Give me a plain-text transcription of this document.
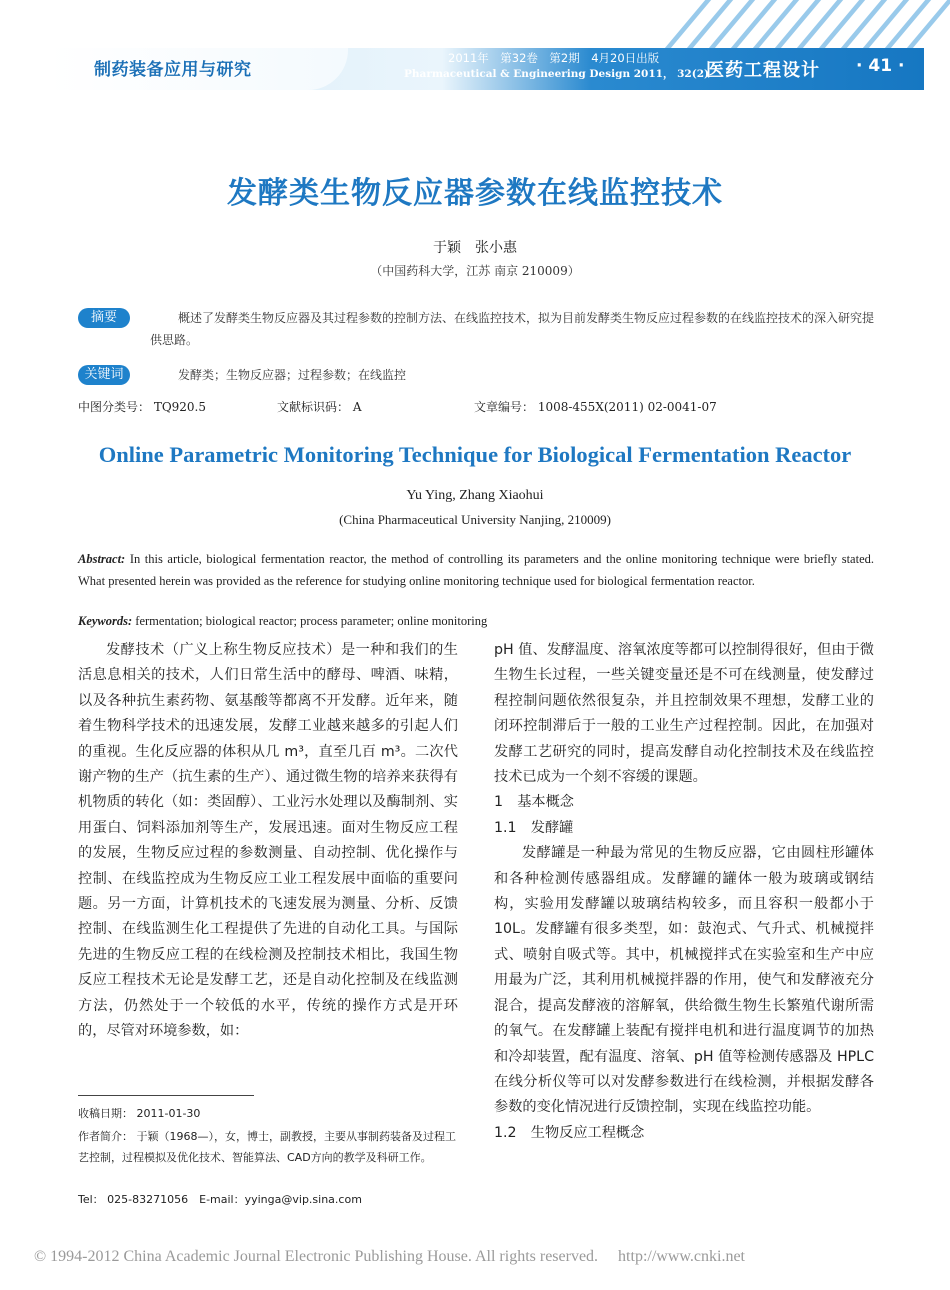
制药装备应用与研究
2011年　第32卷　第2期　4月20日出版
Pharmaceutical & Engineering Design 2011， 32(2)
医药工程设计 · 41 ·
发酵类生物反应器参数在线监控技术
于颖　张小惠
（中国药科大学，江苏 南京 210009）
摘要	概述了发酵类生物反应器及其过程参数的控制方法、在线监控技术，拟为目前发酵类生物反应过程参数的在线监控技术的深入研究提供思路。
关键词	发酵类；生物反应器；过程参数；在线监控
中图分类号： TQ920.5	文献标识码： A	文章编号： 1008-455X(2011) 02-0041-07
Online Parametric Monitoring Technique for Biological Fermentation Reactor
Yu Ying, Zhang Xiaohui
(China Pharmaceutical University Nanjing, 210009)
Abstract: In this article, biological fermentation reactor, the method of controlling its parameters and the online monitoring technique were briefly stated. What presented herein was provided as the reference for studying online monitoring technique used for biological fermentation reactor.
Keywords: fermentation; biological reactor; process parameter; online monitoring

发酵技术（广义上称生物反应技术）是一种和我们的生活息息相关的技术，人们日常生活中的酵母、啤酒、味精，以及各种抗生素药物、氨基酸等都离不开发酵。近年来，随着生物科学技术的迅速发展，发酵工业越来越多的引起人们的重视。生化反应器的体积从几 m³，直至几百 m³。二次代谢产物的生产（抗生素的生产）、通过微生物的培养来获得有机物质的转化（如：类固醇）、工业污水处理以及酶制剂、实用蛋白、饲料添加剂等生产，发展迅速。面对生物反应工程的发展，生物反应过程的参数测量、自动控制、优化操作与控制、在线监控成为生物反应工业工程发展中面临的重要问题。另一方面，计算机技术的飞速发展为测量、分析、反馈控制、在线监测生化工程提供了先进的自动化工具。与国际先进的生物反应工程的在线检测及控制技术相比，我国生物反应工程技术无论是发酵工艺，还是自动化控制及在线监测方法，仍然处于一个较低的水平，传统的操作方式是开环的，尽管对环境参数，如：

pH 值、发酵温度、溶氧浓度等都可以控制得很好，但由于微生物生长过程，一些关键变量还是不可在线测量，使发酵过程控制问题依然很复杂，并且控制效果不理想，发酵工业的闭环控制滞后于一般的工业生产过程控制。因此，在加强对发酵工艺研究的同时，提高发酵自动化控制技术及在线监控技术已成为一个刻不容缓的课题。

1　基本概念

1.1　发酵罐

发酵罐是一种最为常见的生物反应器，它由圆柱形罐体和各种检测传感器组成。发酵罐的罐体一般为玻璃或钢结构，实验用发酵罐以玻璃结构较多，而且容积一般都小于 10L。发酵罐有很多类型，如：鼓泡式、气升式、机械搅拌式、喷射自吸式等。其中，机械搅拌式在实验室和生产中应用最为广泛，其利用机械搅拌器的作用，使气和发酵液充分混合，提高发酵液的溶解氧，供给微生物生长繁殖代谢所需的氧气。在发酵罐上装配有搅拌电机和进行温度调节的加热和冷却装置，配有温度、溶氧、pH 值等检测传感器及 HPLC 在线分析仪等可以对发酵参数进行在线检测，并根据发酵各参数的变化情况进行反馈控制，实现在线监控功能。

1.2　生物反应工程概念

收稿日期： 2011-01-30
作者简介： 于颖（1968—），女，博士，副教授，主要从事制药装备及过程工艺控制，过程模拟及优化技术、智能算法、CAD方向的教学及科研工作。
Tel： 025-83271056　E-mail：yyinga@vip.sina.com
© 1994-2012 China Academic Journal Electronic Publishing House. All rights reserved.　 http://www.cnki.net
